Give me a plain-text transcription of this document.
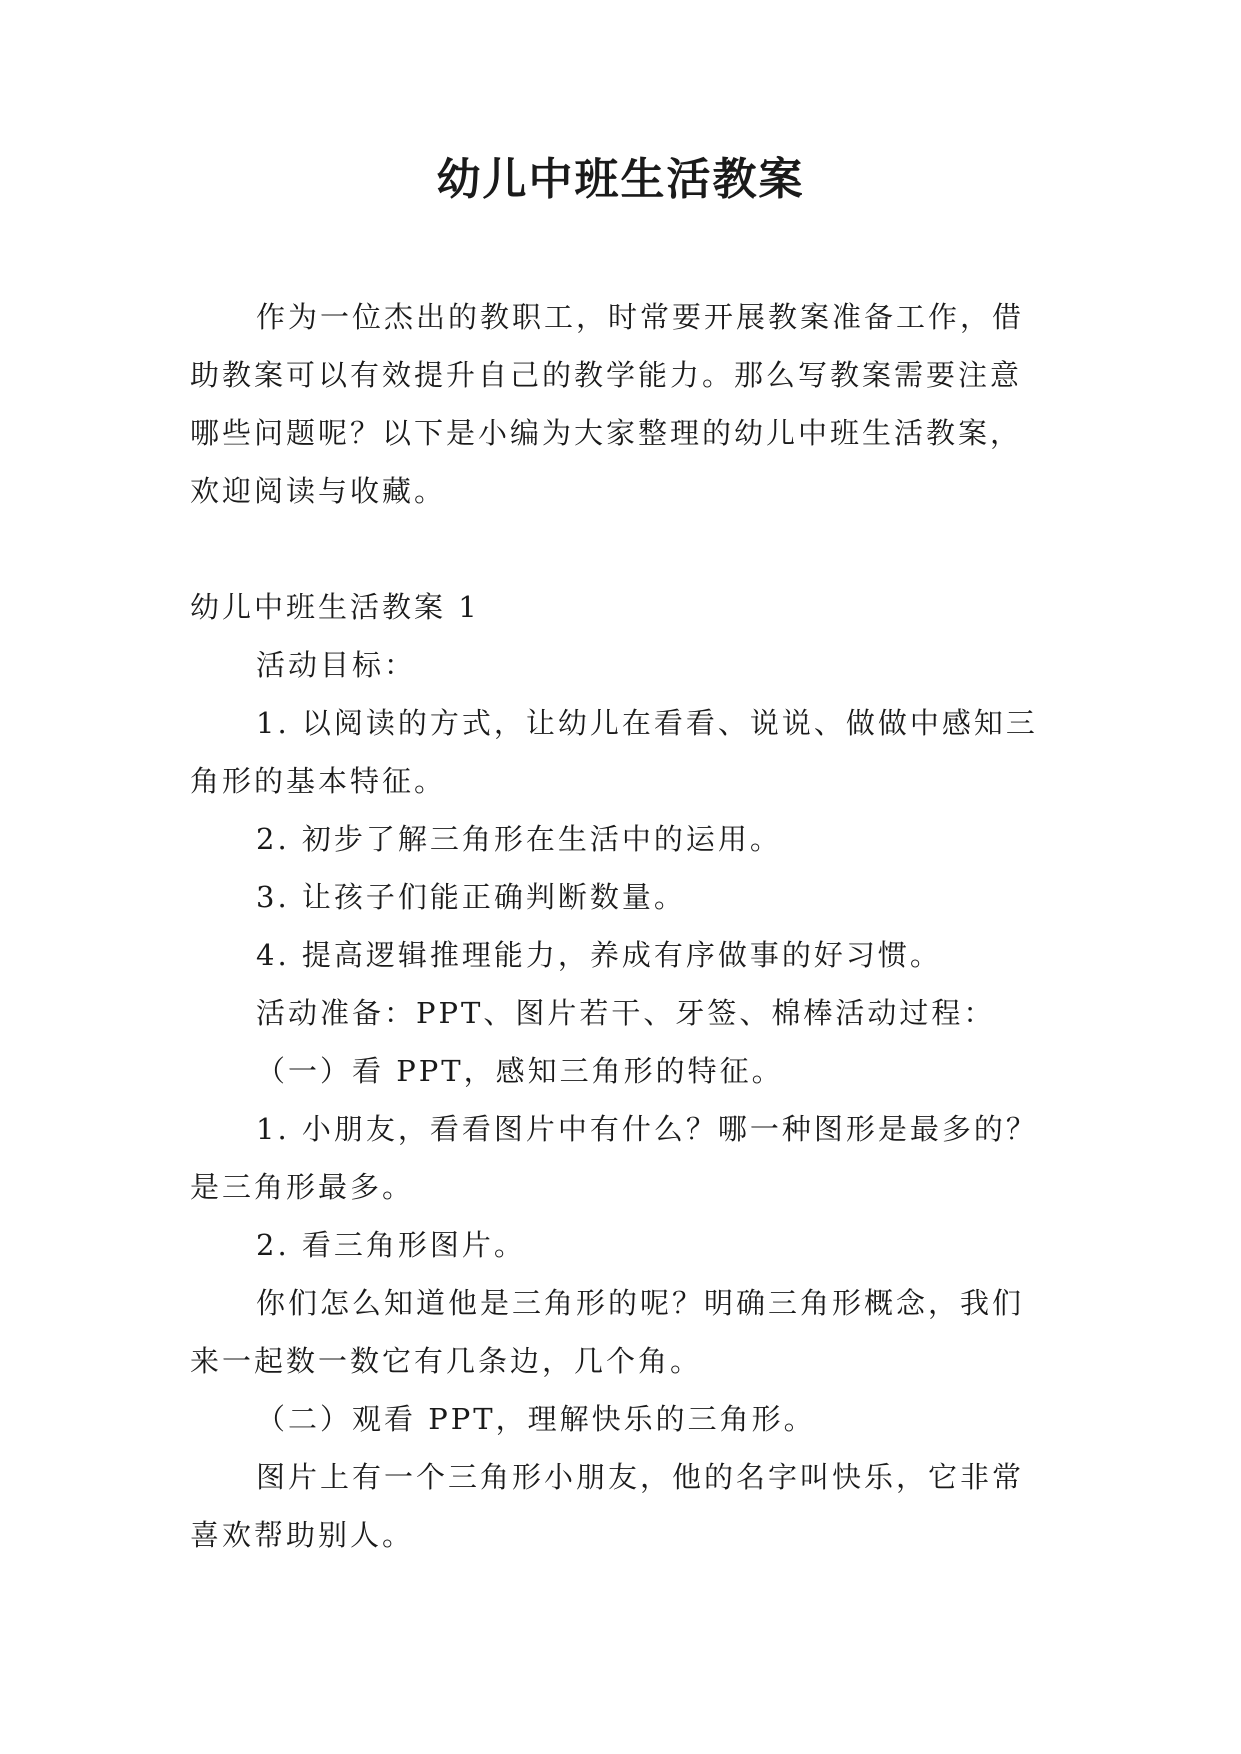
幼儿中班生活教案

作为一位杰出的教职工，时常要开展教案准备工作，借助教案可以有效提升自己的教学能力。那么写教案需要注意哪些问题呢？以下是小编为大家整理的幼儿中班生活教案，欢迎阅读与收藏。

幼儿中班生活教案 1

活动目标：

1. 以阅读的方式，让幼儿在看看、说说、做做中感知三角形的基本特征。

2. 初步了解三角形在生活中的运用。

3. 让孩子们能正确判断数量。

4. 提高逻辑推理能力，养成有序做事的好习惯。

活动准备：PPT、图片若干、牙签、棉棒活动过程：

（一）看 PPT，感知三角形的特征。

1. 小朋友，看看图片中有什么？哪一种图形是最多的？是三角形最多。

2. 看三角形图片。

你们怎么知道他是三角形的呢？明确三角形概念，我们来一起数一数它有几条边，几个角。

（二）观看 PPT，理解快乐的三角形。

图片上有一个三角形小朋友，他的名字叫快乐，它非常喜欢帮助别人。
